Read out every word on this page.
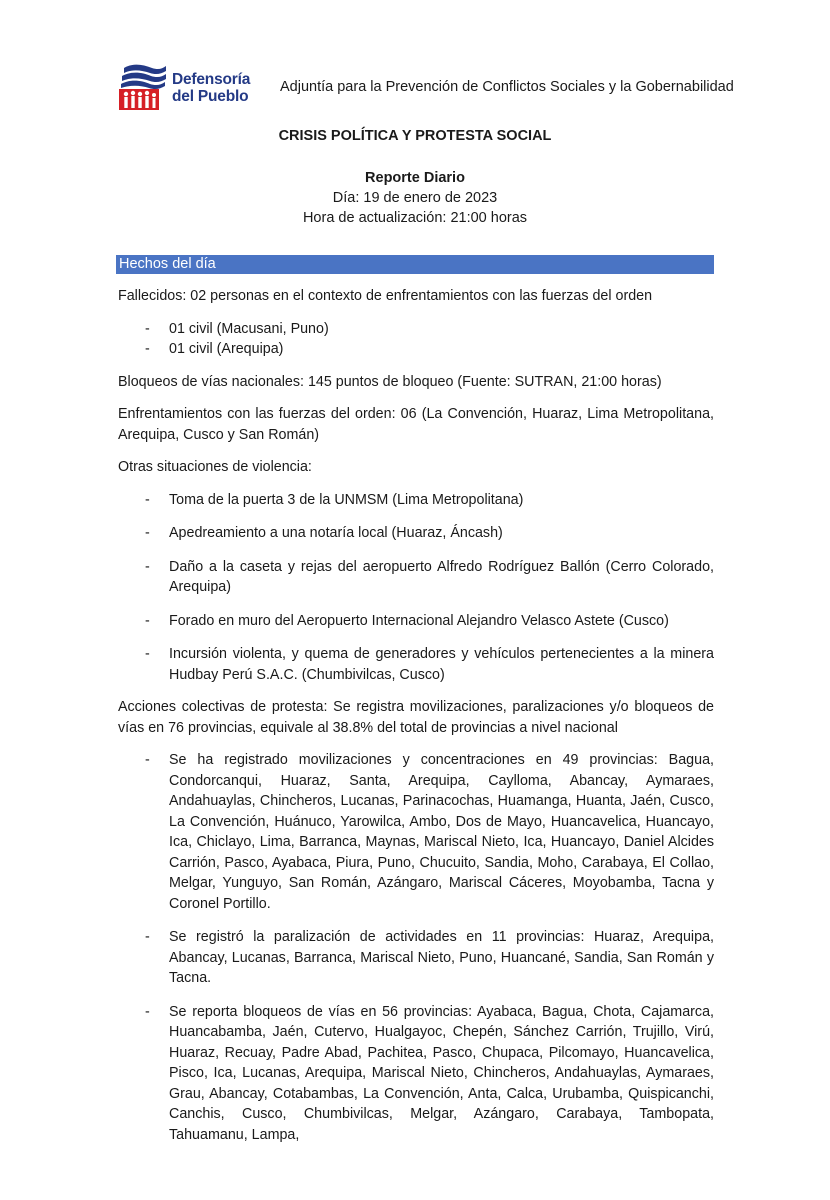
Defensoría
del Pueblo
Adjuntía para la Prevención de Conflictos Sociales y la Gobernabilidad
CRISIS POLÍTICA Y PROTESTA SOCIAL
Reporte Diario
Día: 19 de enero de 2023
Hora de actualización: 21:00 horas
Hechos del día

Fallecidos: 02 personas en el contexto de enfrentamientos con las fuerzas del orden

- 01 civil (Macusani, Puno)
- 01 civil (Arequipa)

Bloqueos de vías nacionales: 145 puntos de bloqueo (Fuente: SUTRAN, 21:00 horas)

Enfrentamientos con las fuerzas del orden: 06 (La Convención, Huaraz, Lima Metropolitana, Arequipa, Cusco y San Román)

Otras situaciones de violencia:

- Toma de la puerta 3 de la UNMSM (Lima Metropolitana)
- Apedreamiento a una notaría local (Huaraz, Áncash)
- Daño a la caseta y rejas del aeropuerto Alfredo Rodríguez Ballón (Cerro Colorado, Arequipa)
- Forado en muro del Aeropuerto Internacional Alejandro Velasco Astete (Cusco)
- Incursión violenta, y quema de generadores y vehículos pertenecientes a la minera Hudbay Perú S.A.C. (Chumbivilcas, Cusco)

Acciones colectivas de protesta: Se registra movilizaciones, paralizaciones y/o bloqueos de vías en 76 provincias, equivale al 38.8% del total de provincias a nivel nacional

- Se ha registrado movilizaciones y concentraciones en 49 provincias: Bagua, Condorcanqui, Huaraz, Santa, Arequipa, Caylloma, Abancay, Aymaraes, Andahuaylas, Chincheros, Lucanas, Parinacochas, Huamanga, Huanta, Jaén, Cusco, La Convención, Huánuco, Yarowilca, Ambo, Dos de Mayo, Huancavelica, Huancayo, Ica, Chiclayo, Lima, Barranca, Maynas, Mariscal Nieto, Ica, Huancayo, Daniel Alcides Carrión, Pasco, Ayabaca, Piura, Puno, Chucuito, Sandia, Moho, Carabaya, El Collao, Melgar, Yunguyo, San Román, Azángaro, Mariscal Cáceres, Moyobamba, Tacna y Coronel Portillo.
- Se registró la paralización de actividades en 11 provincias: Huaraz, Arequipa, Abancay, Lucanas, Barranca, Mariscal Nieto, Puno, Huancané, Sandia, San Román y Tacna.
- Se reporta bloqueos de vías en 56 provincias: Ayabaca, Bagua, Chota, Cajamarca, Huancabamba, Jaén, Cutervo, Hualgayoc, Chepén, Sánchez Carrión, Trujillo, Virú, Huaraz, Recuay, Padre Abad, Pachitea, Pasco, Chupaca, Pilcomayo, Huancavelica, Pisco, Ica, Lucanas, Arequipa, Mariscal Nieto, Chincheros, Andahuaylas, Aymaraes, Grau, Abancay, Cotabambas, La Convención, Anta, Calca, Urubamba, Quispicanchi, Canchis, Cusco, Chumbivilcas, Melgar, Azángaro, Carabaya, Tambopata, Tahuamanu, Lampa,
